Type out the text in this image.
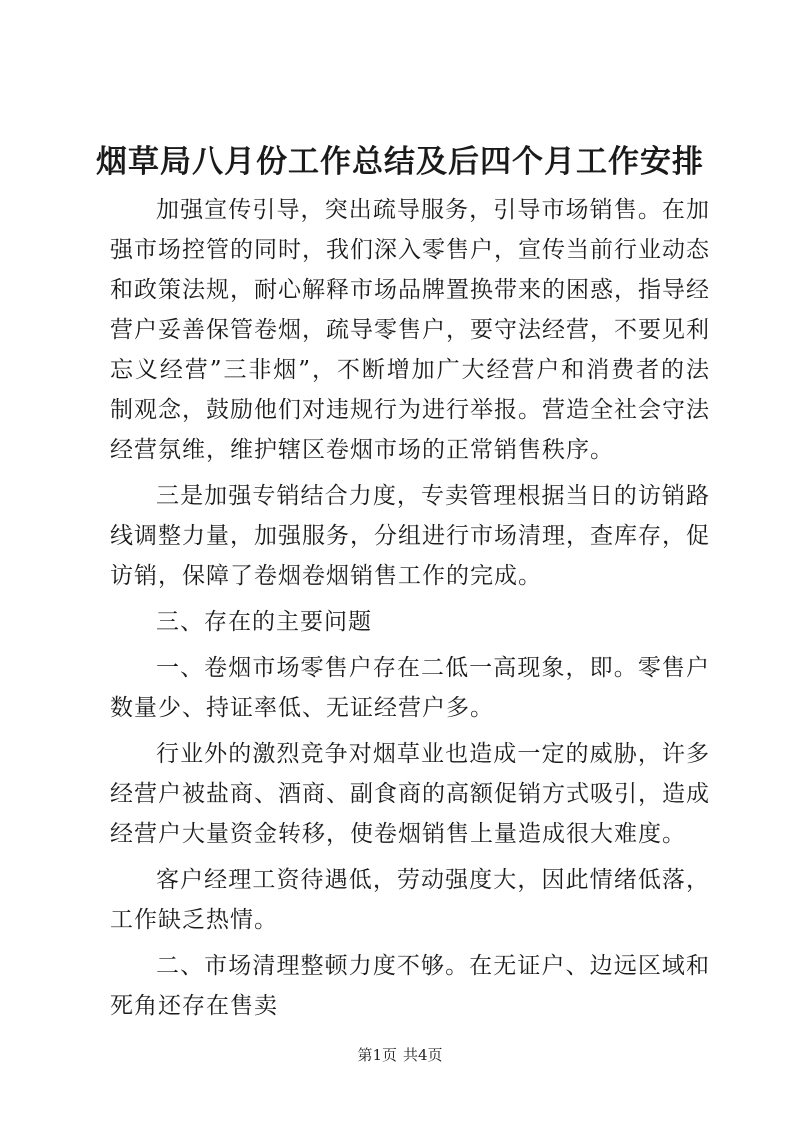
烟草局八月份工作总结及后四个月工作安排

加强宣传引导，突出疏导服务，引导市场销售。在加强市场控管的同时，我们深入零售户，宣传当前行业动态和政策法规，耐心解释市场品牌置换带来的困惑，指导经营户妥善保管卷烟，疏导零售户，要守法经营，不要见利忘义经营”三非烟”，不断增加广大经营户和消费者的法制观念，鼓励他们对违规行为进行举报。营造全社会守法经营氛维，维护辖区卷烟市场的正常销售秩序。

三是加强专销结合力度，专卖管理根据当日的访销路线调整力量，加强服务，分组进行市场清理，查库存，促访销，保障了卷烟卷烟销售工作的完成。

三、存在的主要问题

一、卷烟市场零售户存在二低一高现象，即。零售户数量少、持证率低、无证经营户多。

行业外的激烈竞争对烟草业也造成一定的威胁，许多经营户被盐商、酒商、副食商的高额促销方式吸引，造成经营户大量资金转移，使卷烟销售上量造成很大难度。

客户经理工资待遇低，劳动强度大，因此情绪低落，工作缺乏热情。

二、市场清理整顿力度不够。在无证户、边远区域和死角还存在售卖

第1页 共4页
